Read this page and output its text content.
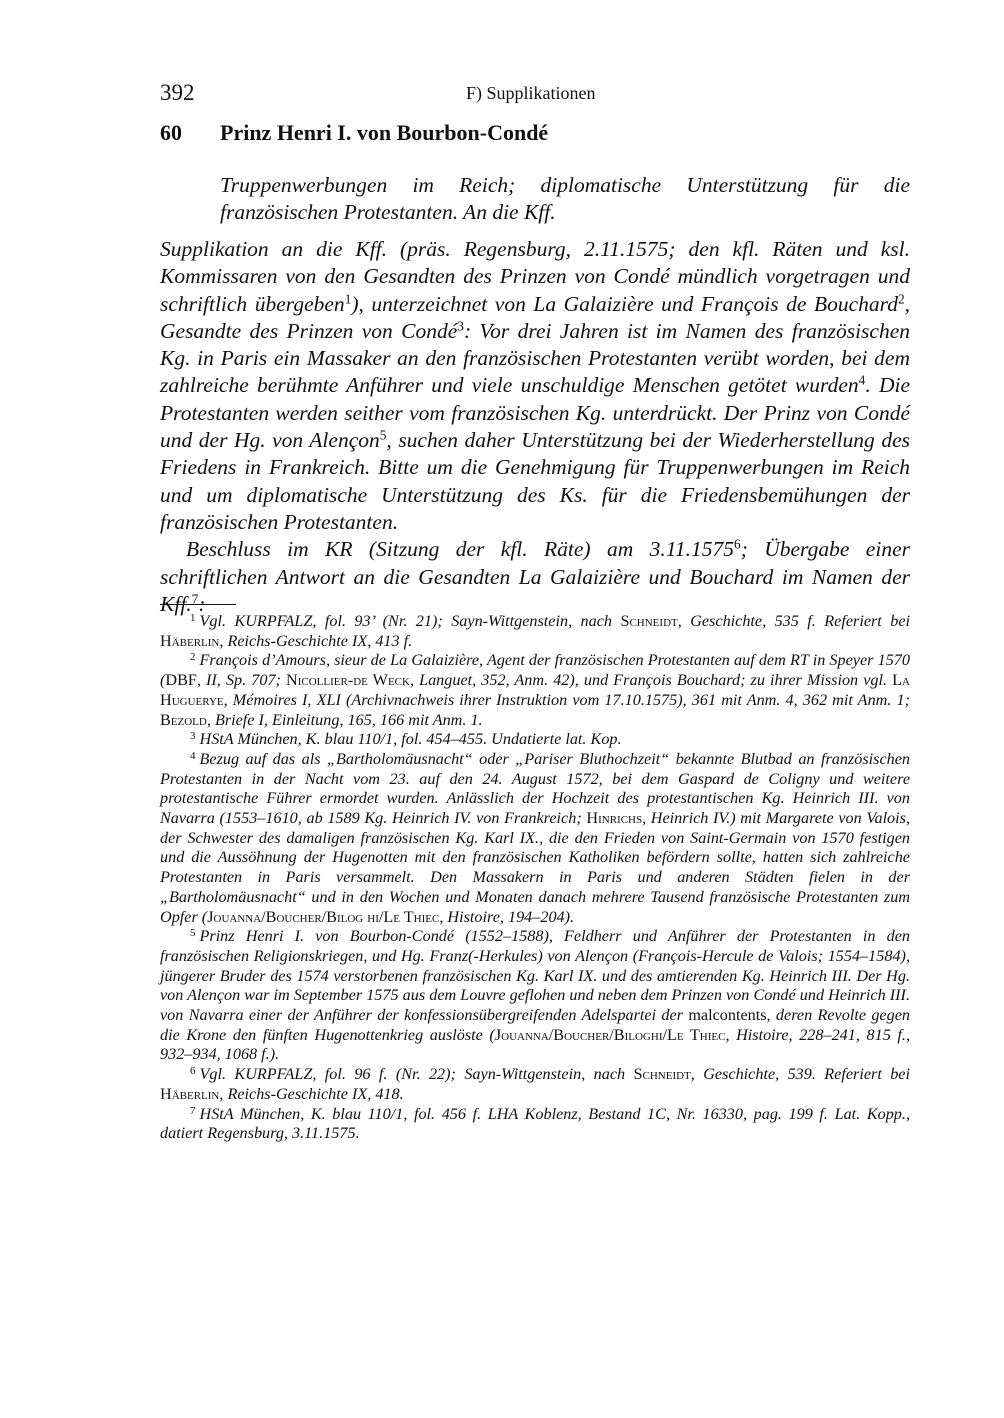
392	F) Supplikationen
60 Prinz Henri I. von Bourbon-Condé
Truppenwerbungen im Reich; diplomatische Unterstützung für die französischen Protestanten. An die Kff.

Supplikation an die Kff. (präs. Regensburg, 2.11.1575; den kfl. Räten und ksl. Kommissaren von den Gesandten des Prinzen von Condé mündlich vorgetragen und schriftlich übergeben$^1$), unterzeichnet von La Galaizière und François de Bouchard$^2$, Gesandte des Prinzen von Condé$^3$: Vor drei Jahren ist im Namen des französischen Kg. in Paris ein Massaker an den französischen Protestanten verübt worden, bei dem zahlreiche berühmte Anführer und viele unschuldige Menschen getötet wurden$^4$. Die Protestanten werden seither vom französischen Kg. unterdrückt. Der Prinz von Condé und der Hg. von Alençon$^5$, suchen daher Unterstützung bei der Wiederherstellung des Friedens in Frankreich. Bitte um die Genehmigung für Truppenwerbungen im Reich und um diplomatische Unterstützung des Ks. für die Friedensbemühungen der französischen Protestanten.

Beschluss im KR (Sitzung der kfl. Räte) am 3.11.1575$^6$; Übergabe einer schriftlichen Antwort an die Gesandten La Galaizière und Bouchard im Namen der Kff.$^7$:

$^1$ Vgl. KURPFALZ, fol. 93’ (Nr. 21); Sayn-Wittgenstein, nach Schneidt, Geschichte, 535 f. Referiert bei Häberlin, Reichs-Geschichte IX, 413 f.

$^2$ François d’Amours, sieur de La Galaizière, Agent der französischen Protestanten auf dem RT in Speyer 1570 (DBF, II, Sp. 707; Nicollier-de Weck, Languet, 352, Anm. 42), und François Bouchard; zu ihrer Mission vgl. La Huguerye, Mémoires I, XLI (Archivnachweis ihrer Instruktion vom 17.10.1575), 361 mit Anm. 4, 362 mit Anm. 1; Bezold, Briefe I, Einleitung, 165, 166 mit Anm. 1.

$^3$ HStA München, K. blau 110/1, fol. 454–455. Undatierte lat. Kop.

$^4$ Bezug auf das als „Bartholomäusnacht“ oder „Pariser Bluthochzeit“ bekannte Blutbad an französischen Protestanten in der Nacht vom 23. auf den 24. August 1572, bei dem Gaspard de Coligny und weitere protestantische Führer ermordet wurden. Anlässlich der Hochzeit des protestantischen Kg. Heinrich III. von Navarra (1553–1610, ab 1589 Kg. Heinrich IV. von Frankreich; Hinrichs, Heinrich IV.) mit Margarete von Valois, der Schwester des damaligen französischen Kg. Karl IX., die den Frieden von Saint-Germain von 1570 festigen und die Aussöhnung der Hugenotten mit den französischen Katholiken befördern sollte, hatten sich zahlreiche Protestanten in Paris versammelt. Den Massakern in Paris und anderen Städten fielen in der „Bartholomäusnacht“ und in den Wochen und Monaten danach mehrere Tausend französische Protestanten zum Opfer (Jouanna/Boucher/Bilog hi/Le Thiec, Histoire, 194–204).

$^5$ Prinz Henri I. von Bourbon-Condé (1552–1588), Feldherr und Anführer der Protestanten in den französischen Religionskriegen, und Hg. Franz(-Herkules) von Alençon (François-Hercule de Valois; 1554–1584), jüngerer Bruder des 1574 verstorbenen französischen Kg. Karl IX. und des amtierenden Kg. Heinrich III. Der Hg. von Alençon war im September 1575 aus dem Louvre geflohen und neben dem Prinzen von Condé und Heinrich III. von Navarra einer der Anführer der konfessionsübergreifenden Adelspartei der malcontents, deren Revolte gegen die Krone den fünften Hugenottenkrieg auslöste (Jouanna/Boucher/Biloghi/Le Thiec, Histoire, 228–241, 815 f., 932–934, 1068 f.).

$^6$ Vgl. KURPFALZ, fol. 96 f. (Nr. 22); Sayn-Wittgenstein, nach Schneidt, Geschichte, 539. Referiert bei Häberlin, Reichs-Geschichte IX, 418.

$^7$ HStA München, K. blau 110/1, fol. 456 f. LHA Koblenz, Bestand 1C, Nr. 16330, pag. 199 f. Lat. Kopp., datiert Regensburg, 3.11.1575.
